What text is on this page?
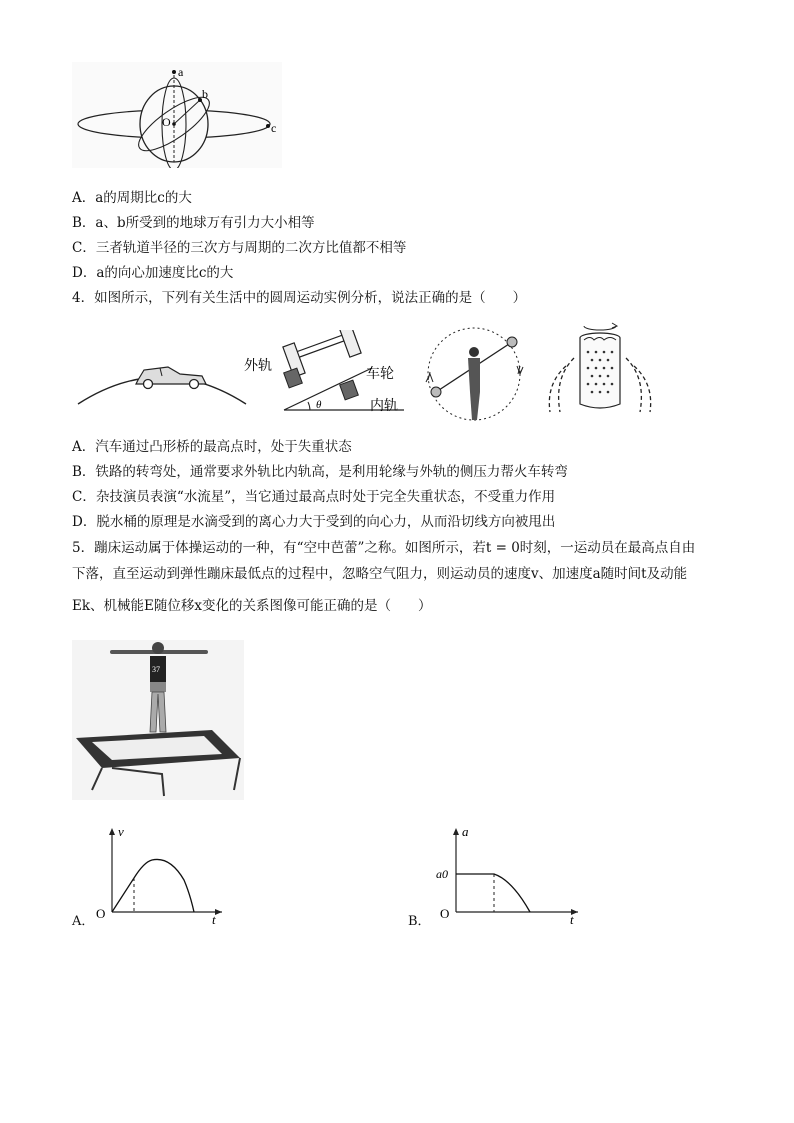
a
b
c
O
A．a的周期比c的大
B．a、b所受到的地球万有引力大小相等
C．三者轨道半径的三次方与周期的二次方比值都不相等
D．a的向心加速度比c的大
4．如图所示，下列有关生活中的圆周运动实例分析，说法正确的是（　　）
外轨
车轮
内轨
θ
A．汽车通过凸形桥的最高点时，处于失重状态
B．铁路的转弯处，通常要求外轨比内轨高，是利用轮缘与外轨的侧压力帮火车转弯
C．杂技演员表演“水流星”，当它通过最高点时处于完全失重状态，不受重力作用
D．脱水桶的原理是水滴受到的离心力大于受到的向心力，从而沿切线方向被甩出
5．蹦床运动属于体操运动的一种，有“空中芭蕾”之称。如图所示，若t = 0时刻，一运动员在最高点自由
下落，直至运动到弹性蹦床最低点的过程中，忽略空气阻力，则运动员的速度v、加速度a随时间t及动能
Ek、机械能E随位移x变化的关系图像可能正确的是（　　）
37
v
t
O
A．
a
t
O
a0
B．
